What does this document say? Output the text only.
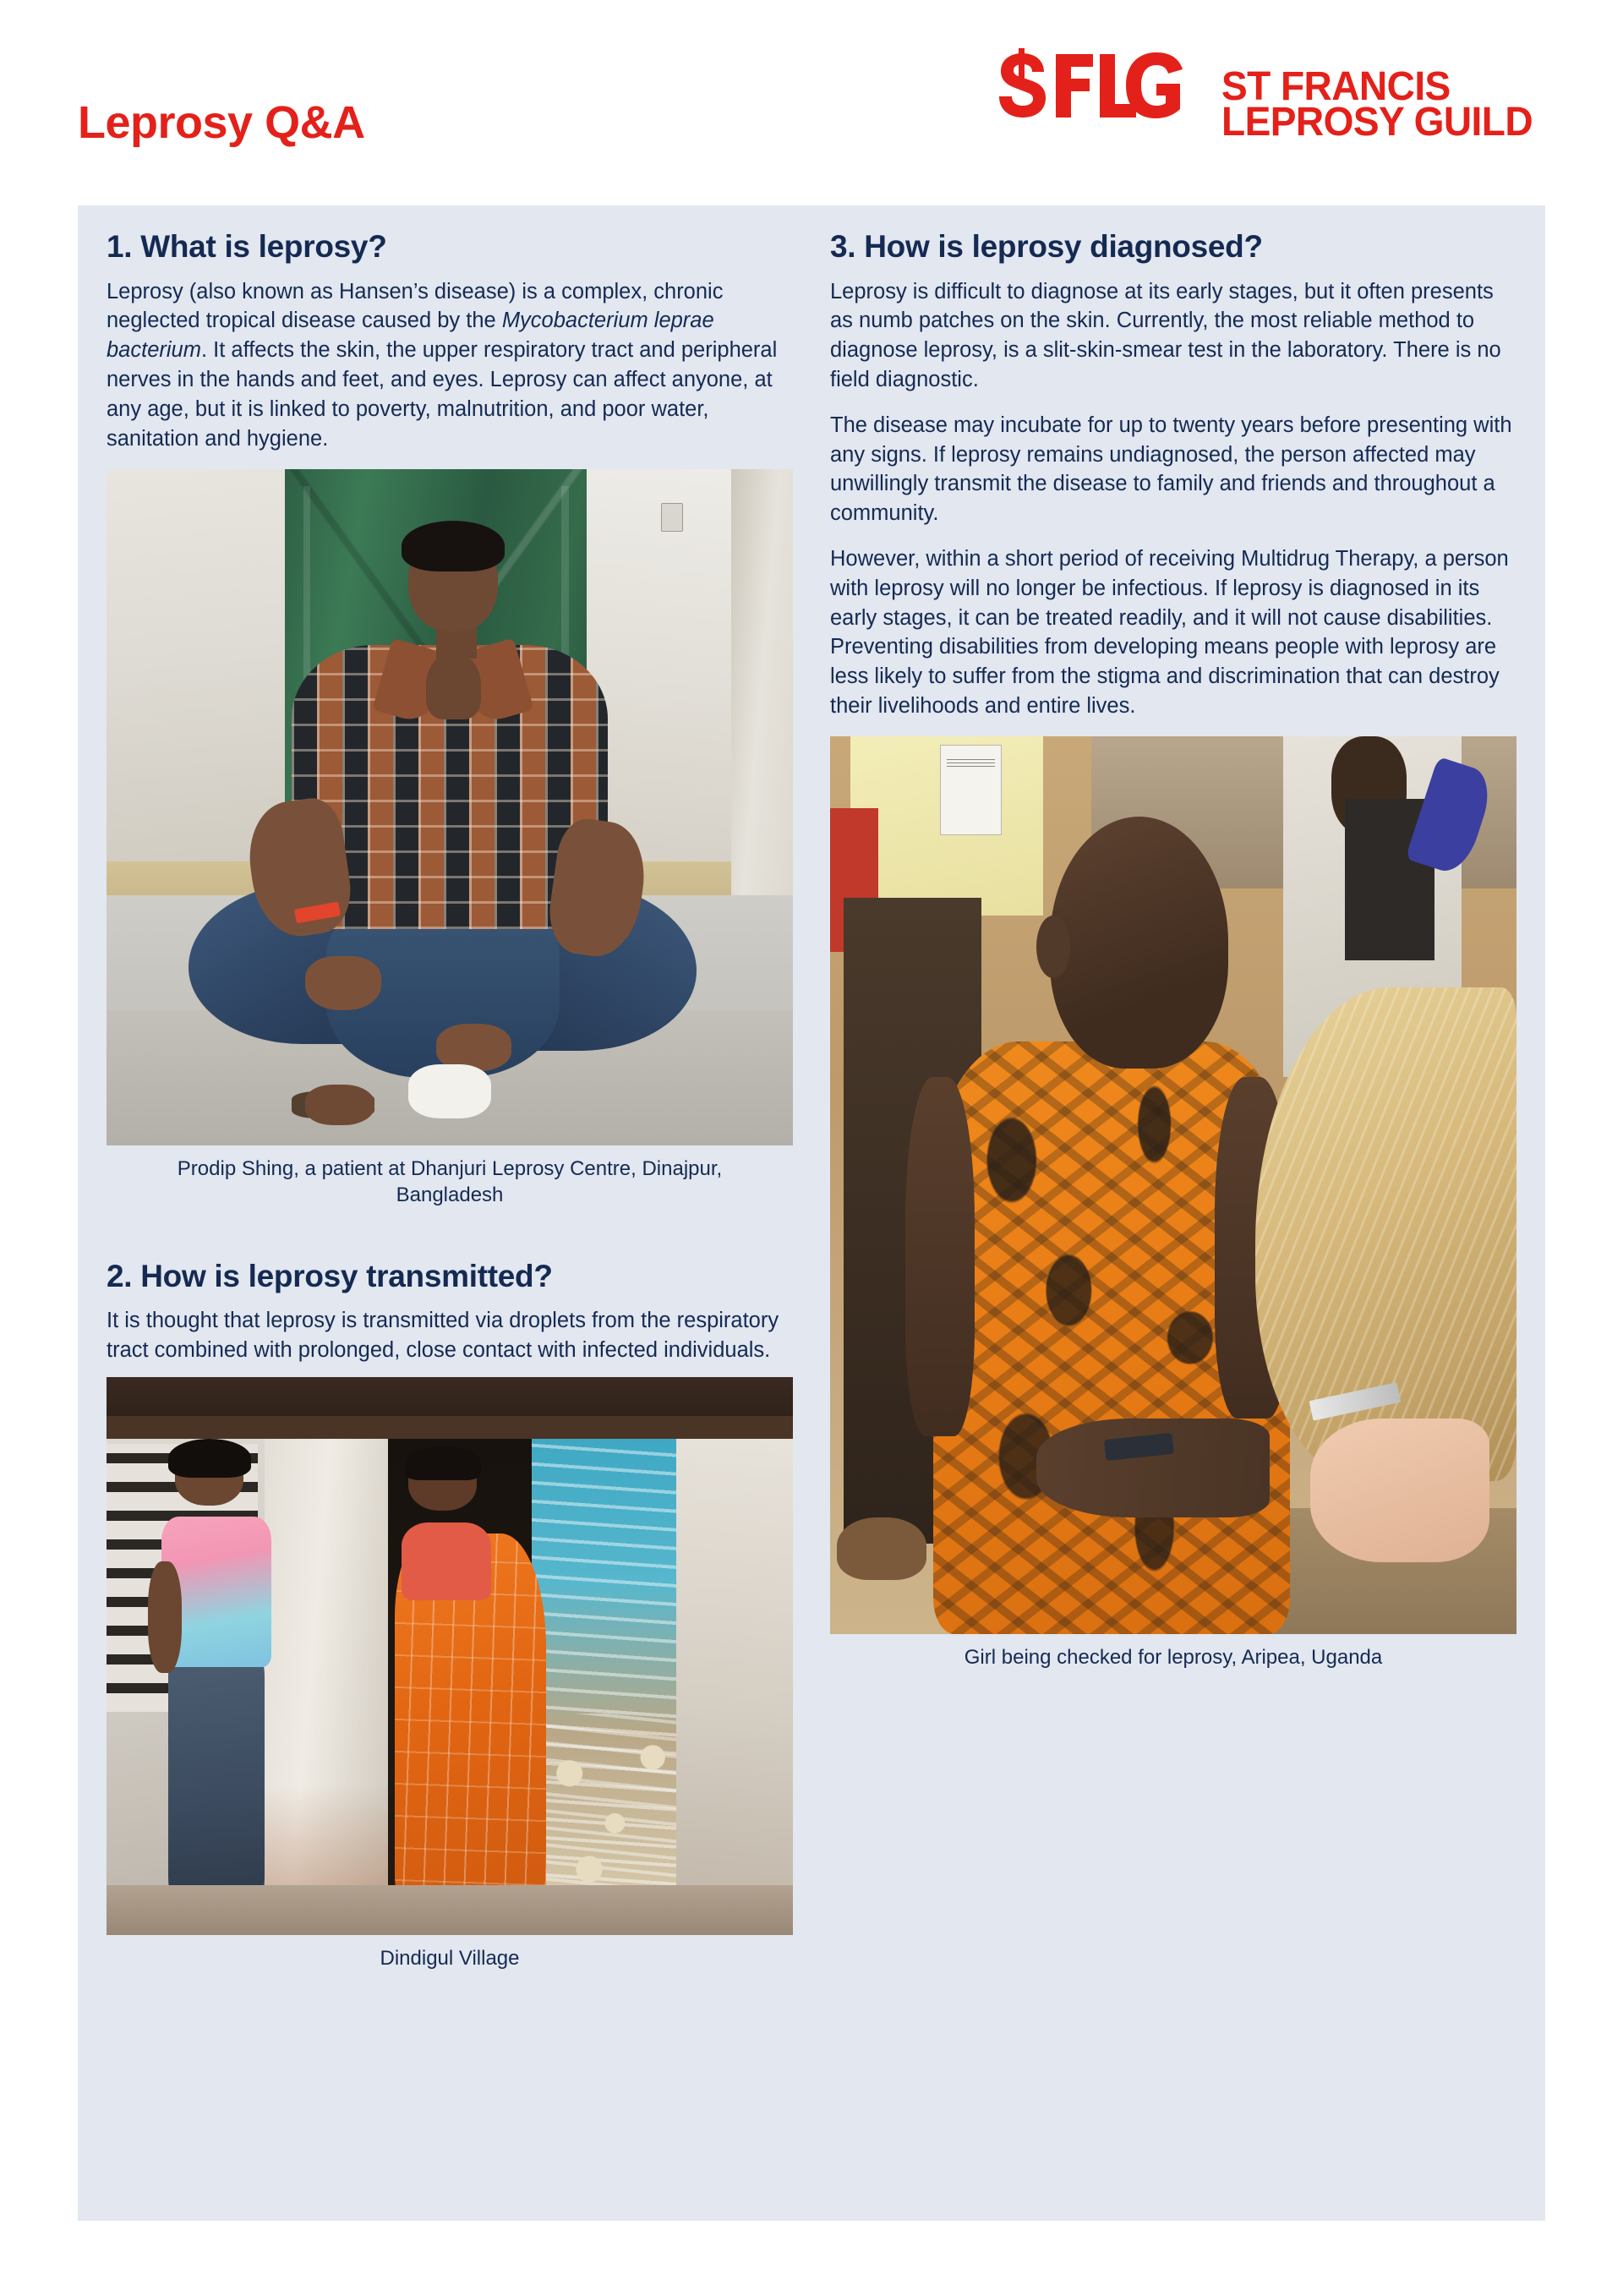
Leprosy Q&A
ST FRANCIS
LEPROSY GUILD
1. What is leprosy?

Leprosy (also known as Hansen’s disease) is a complex, chronic neglected tropical disease caused by the Mycobacterium leprae bacterium. It affects the skin, the upper respiratory tract and peripheral nerves in the hands and feet, and eyes. Leprosy can affect anyone, at any age, but it is linked to poverty, malnutrition, and poor water, sanitation and hygiene.

Prodip Shing, a patient at Dhanjuri Leprosy Centre, Dinajpur, Bangladesh
2. How is leprosy transmitted?

It is thought that leprosy is transmitted via droplets from the respiratory tract combined with prolonged, close contact with infected individuals.

Dindigul Village
3. How is leprosy diagnosed?

Leprosy is difficult to diagnose at its early stages, but it often presents as numb patches on the skin. Currently, the most reliable method to diagnose leprosy, is a slit-skin-smear test in the laboratory. There is no field diagnostic.

The disease may incubate for up to twenty years before presenting with any signs. If leprosy remains undiagnosed, the person affected may unwillingly transmit the disease to family and friends and throughout a community.

However, within a short period of receiving Multidrug Therapy, a person with leprosy will no longer be infectious. If leprosy is diagnosed in its early stages, it can be treated readily, and it will not cause disabilities. Preventing disabilities from developing means people with leprosy are less likely to suffer from the stigma and discrimination that can destroy their livelihoods and entire lives.

Girl being checked for leprosy, Aripea, Uganda
